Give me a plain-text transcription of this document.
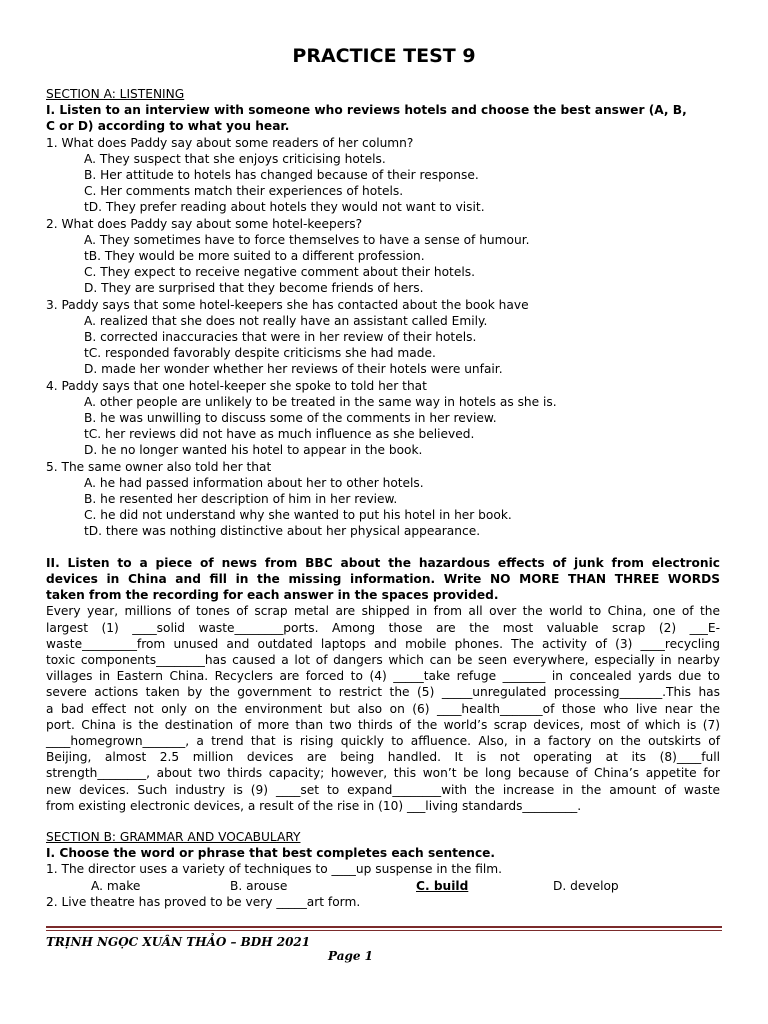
PRACTICE TEST 9
SECTION A: LISTENING
I. Listen to an interview with someone who reviews hotels and choose the best answer (A, B,
C or D) according to what you hear.
1. What does Paddy say about some readers of her column?
A. They suspect that she enjoys criticising hotels.
B. Her attitude to hotels has changed because of their response.
C. Her comments match their experiences of hotels.
tD. They prefer reading about hotels they would not want to visit.
2. What does Paddy say about some hotel-keepers?
A. They sometimes have to force themselves to have a sense of humour.
tB. They would be more suited to a different profession.
C. They expect to receive negative comment about their hotels.
D. They are surprised that they become friends of hers.
3. Paddy says that some hotel-keepers she has contacted about the book have
A. realized that she does not really have an assistant called Emily.
B. corrected inaccuracies that were in her review of their hotels.
tC. responded favorably despite criticisms she had made.
D. made her wonder whether her reviews of their hotels were unfair.
4. Paddy says that one hotel-keeper she spoke to told her that
A. other people are unlikely to be treated in the same way in hotels as she is.
B. he was unwilling to discuss some of the comments in her review.
tC. her reviews did not have as much influence as she believed.
D. he no longer wanted his hotel to appear in the book.
5. The same owner also told her that
A. he had passed information about her to other hotels.
B. he resented her description of him in her review.
C. he did not understand why she wanted to put his hotel in her book.
tD. there was nothing distinctive about her physical appearance.
II. Listen to a piece of news from BBC about the hazardous effects of junk from electronic
devices in China and fill in the missing information. Write NO MORE THAN THREE WORDS
taken from the recording for each answer in the spaces provided.
Every year, millions of tones of scrap metal are shipped in from all over the world to China, one of the
largest (1) ____solid waste________ports. Among those are the most valuable scrap (2) ___E-
waste_________from unused and outdated laptops and mobile phones. The activity of (3) ____recycling
toxic components________has caused a lot of dangers which can be seen everywhere, especially in nearby
villages in Eastern China. Recyclers are forced to (4) _____take refuge _______ in concealed yards due to
severe actions taken by the government to restrict the (5) _____unregulated processing_______.This has
a bad effect not only on the environment but also on (6) ____health_______of those who live near the
port. China is the destination of more than two thirds of the world’s scrap devices, most of which is (7)
____homegrown_______, a trend that is rising quickly to affluence. Also, in a factory on the outskirts of
Beijing, almost 2.5 million devices are being handled. It is not operating at its (8)____full
strength________, about two thirds capacity; however, this won’t be long because of China’s appetite for
new devices. Such industry is (9) ____set to expand________with the increase in the amount of waste
from existing electronic devices, a result of the rise in (10) ___living standards_________.
SECTION B: GRAMMAR AND VOCABULARY
I. Choose the word or phrase that best completes each sentence.
1. The director uses a variety of techniques to ____up suspense in the film.
A. make	B. arouse	C. build	D. develop
2. Live theatre has proved to be very _____art form.
TRỊNH NGỌC XUÂN THẢO – BDH 2021
Page 1
